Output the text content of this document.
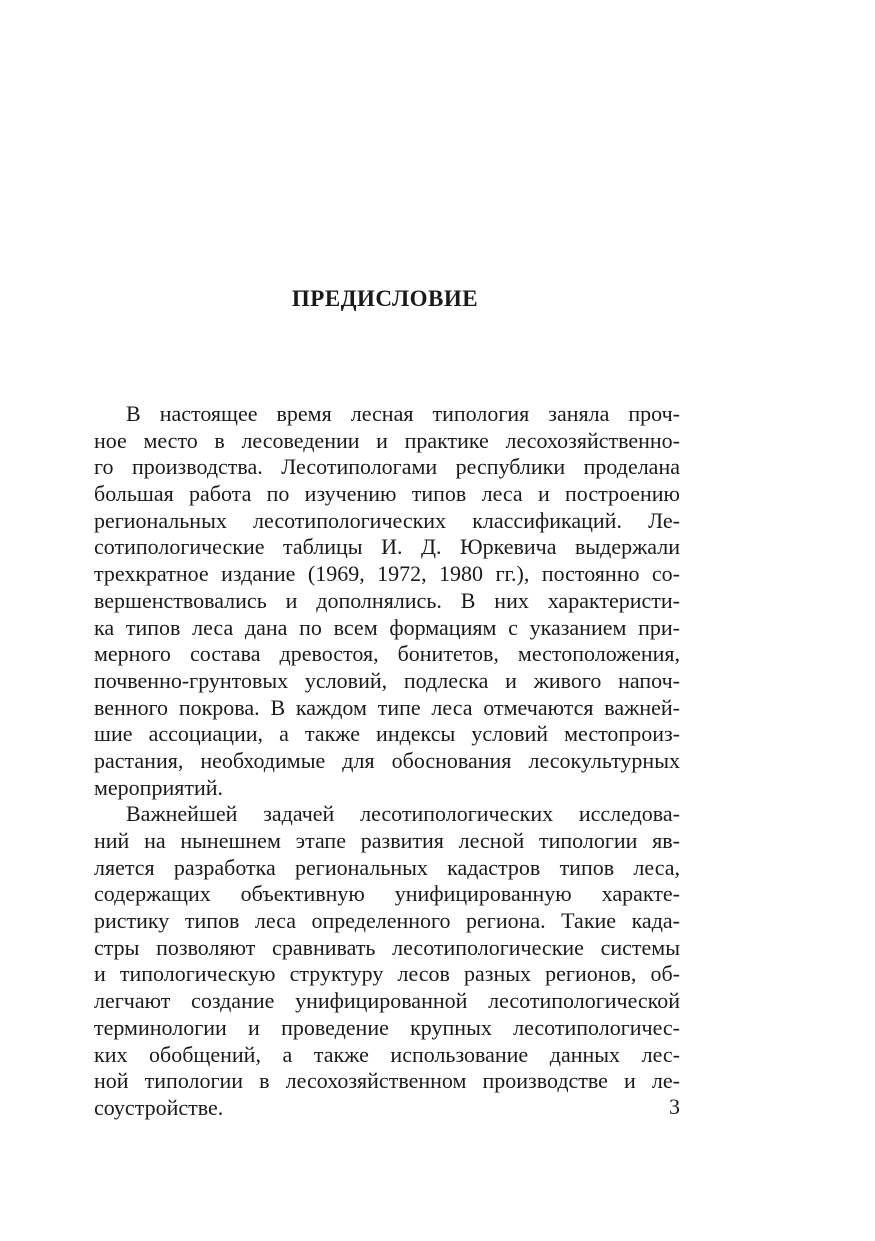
ПРЕДИСЛОВИЕ
В настоящее время лесная типология заняла проч-
ное место в лесоведении и практике лесохозяйственно-
го производства. Лесотипологами республики проделана
большая работа по изучению типов леса и построению
региональных лесотипологических классификаций. Ле-
сотипологические таблицы И. Д. Юркевича выдержали
трехкратное издание (1969, 1972, 1980 гг.), постоянно со-
вершенствовались и дополнялись. В них характеристи-
ка типов леса дана по всем формациям с указанием при-
мерного состава древостоя, бонитетов, местоположения,
почвенно-грунтовых условий, подлеска и живого напоч-
венного покрова. В каждом типе леса отмечаются важней-
шие ассоциации, а также индексы условий местопроиз-
растания, необходимые для обоснования лесокультурных
мероприятий.
Важнейшей задачей лесотипологических исследова-
ний на нынешнем этапе развития лесной типологии яв-
ляется разработка региональных кадастров типов леса,
содержащих объективную унифицированную характе-
ристику типов леса определенного региона. Такие када-
стры позволяют сравнивать лесотипологические системы
и типологическую структуру лесов разных регионов, об-
легчают создание унифицированной лесотипологической
терминологии и проведение крупных лесотипологичес-
ких обобщений, а также использование данных лес-
ной типологии в лесохозяйственном производстве и ле-
соустройстве.	3
